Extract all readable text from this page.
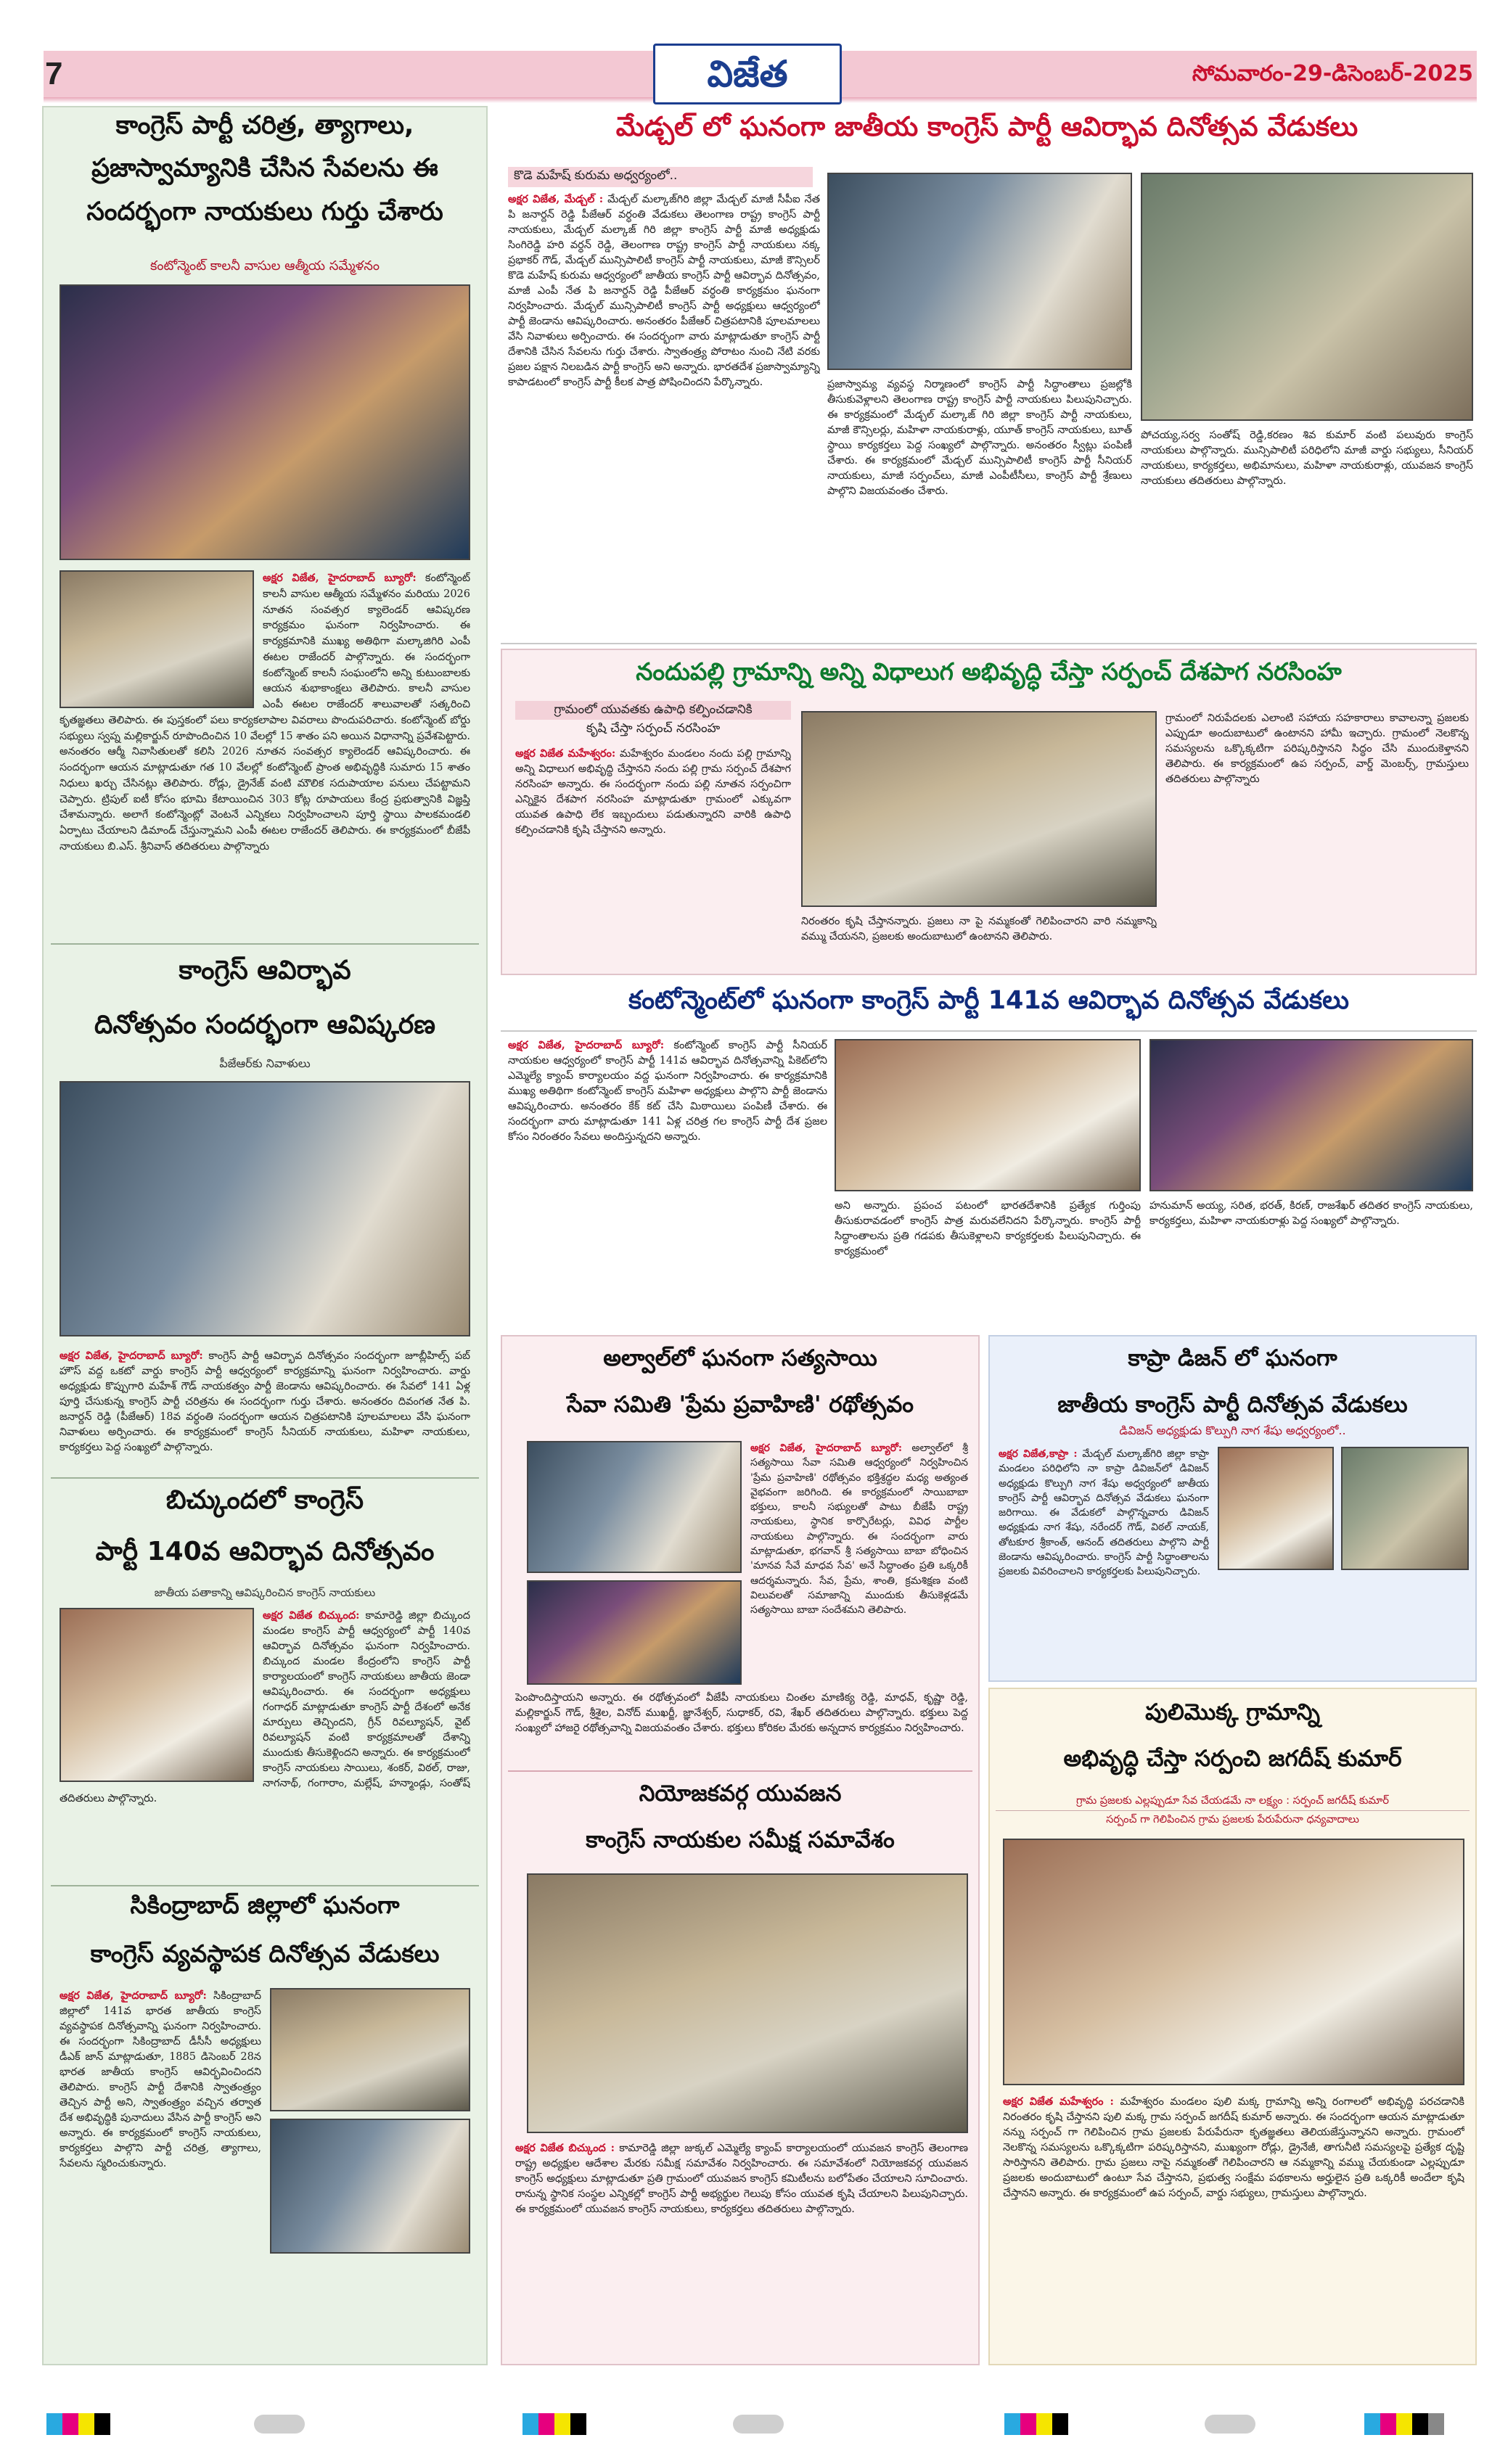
7	విజేత	సోమవారం-29-డిసెంబర్-2025
కాంగ్రెస్ పార్టీ చరిత్ర, త్యాగాలు,
ప్రజాస్వామ్యానికి చేసిన సేవలను ఈ
సందర్భంగా నాయకులు గుర్తు చేశారు
కంటోన్మెంట్ కాలనీ వాసుల ఆత్మీయ సమ్మేళనం
అక్షర విజేత, హైదరాబాద్ బ్యూరో: కంటోన్మెంట్ కాలనీ వాసుల ఆత్మీయ సమ్మేళనం మరియు 2026 నూతన సంవత్సర క్యాలెండర్ ఆవిష్కరణ కార్యక్రమం ఘనంగా నిర్వహించారు. ఈ కార్యక్రమానికి ముఖ్య అతిథిగా మల్కాజిగిరి ఎంపీ ఈటల రాజేందర్ పాల్గొన్నారు. ఈ సందర్భంగా కంటోన్మెంట్ కాలనీ సంఘంలోని అన్ని కుటుంబాలకు ఆయన శుభాకాంక్షలు తెలిపారు. కాలనీ వాసుల ఎంపీ ఈటల రాజేందర్ శాలువాలతో సత్కరించి కృతజ్ఞతలు తెలిపారు. ఈ పుస్తకంలో పలు కార్యకలాపాల వివరాలు పొందుపరిచారు. కంటోన్మెంట్ బోర్డు సభ్యులు స్వప్న మల్లికార్జున్ రూపొందించిన 10 వేలల్లో 15 శాతం పని అయిన విధానాన్ని ప్రవేశపెట్టారు. అనంతరం ఆర్మీ నివాసితులతో కలిసి 2026 నూతన సంవత్సర క్యాలెండర్ ఆవిష్కరించారు. ఈ సందర్భంగా ఆయన మాట్లాడుతూ గత 10 వేలల్లో కంటోన్మెంట్ ప్రాంత అభివృద్ధికి సుమారు 15 శాతం నిధులు ఖర్చు చేసినట్లు తెలిపారు. రోడ్లు, డ్రైనేజ్ వంటి మౌలిక సదుపాయాల పనులు చేపట్టామని చెప్పారు. ట్రిపుల్ ఐటీ కోసం భూమి కేటాయించిన 303 కోట్ల రూపాయలు కేంద్ర ప్రభుత్వానికి విజ్ఞప్తి చేశామన్నారు. అలాగే కంటోన్మెంట్లో వెంటనే ఎన్నికలు నిర్వహించాలని పూర్తి స్థాయి పాలకమండలి ఏర్పాటు చేయాలని డిమాండ్ చేస్తున్నామని ఎంపీ ఈటల రాజేందర్ తెలిపారు. ఈ కార్యక్రమంలో బీజేపీ నాయకులు బి.ఎస్. శ్రీనివాస్ తదితరులు పాల్గొన్నారు
కాంగ్రెస్ ఆవిర్భావ
దినోత్సవం సందర్భంగా ఆవిష్కరణ
పీజేఆర్‌కు నివాళులు
అక్షర విజేత, హైదరాబాద్ బ్యూరో: కాంగ్రెస్ పార్టీ ఆవిర్భావ దినోత్సవం సందర్భంగా జూబ్లీహిల్స్ పబ్ హౌస్ వద్ద ఒకటో వార్డు కాంగ్రెస్ పార్టీ ఆధ్వర్యంలో కార్యక్రమాన్ని ఘనంగా నిర్వహించారు. వార్డు అధ్యక్షుడు కొప్పుగారి మహేశ్ గౌడ్ నాయకత్వం పార్టీ జెండాను ఆవిష్కరించారు. ఈ సేవలో 141 ఏళ్ల పూర్తి చేసుకున్న కాంగ్రెస్ పార్టీ చరిత్రను ఈ సందర్భంగా గుర్తు చేశారు. అనంతరం దివంగత నేత పి. జనార్దన్ రెడ్డి (పీజేఆర్) 18వ వర్ధంతి సందర్భంగా ఆయన చిత్రపటానికి పూలమాలలు వేసి ఘనంగా నివాళులు అర్పించారు. ఈ కార్యక్రమంలో కాంగ్రెస్ సీనియర్ నాయకులు, మహిళా నాయకులు, కార్యకర్తలు పెద్ద సంఖ్యలో పాల్గొన్నారు.
బిచ్కుందలో కాంగ్రెస్
పార్టీ 140వ ఆవిర్భావ దినోత్సవం
జాతీయ పతాకాన్ని ఆవిష్కరించిన కాంగ్రెస్ నాయకులు
అక్షర విజేత బిచ్కుంద: కామారెడ్డి జిల్లా బిచ్కుంద మండల కాంగ్రెస్ పార్టీ ఆధ్వర్యంలో పార్టీ 140వ ఆవిర్భావ దినోత్సవం ఘనంగా నిర్వహించారు. బిచ్కుంద మండల కేంద్రంలోని కాంగ్రెస్ పార్టీ కార్యాలయంలో కాంగ్రెస్ నాయకులు జాతీయ జెండా ఆవిష్కరించారు. ఈ సందర్భంగా అధ్యక్షులు గంగాధర్ మాట్లాడుతూ కాంగ్రెస్ పార్టీ దేశంలో అనేక మార్పులు తెచ్చిందని, గ్రీన్ రివల్యూషన్, వైట్ రివల్యూషన్ వంటి కార్యక్రమాలతో దేశాన్ని ముందుకు తీసుకెళ్లిందని అన్నారు. ఈ కార్యక్రమంలో కాంగ్రెస్ నాయకులు సాయిలు, శంకర్, విఠల్, రాజు, నాగనాథ్, గంగారాం, మల్లేష్, హన్మాండ్లు, సంతోష్ తదితరులు పాల్గొన్నారు.
సికింద్రాబాద్ జిల్లాలో ఘనంగా
కాంగ్రెస్ వ్యవస్థాపక దినోత్సవ వేడుకలు
అక్షర విజేత, హైదరాబాద్ బ్యూరో: సికింద్రాబాద్ జిల్లాలో 141వ భారత జాతీయ కాంగ్రెస్ వ్యవస్థాపక దినోత్సవాన్ని ఘనంగా నిర్వహించారు. ఈ సందర్భంగా సికింద్రాబాద్ డీసీసీ అధ్యక్షులు డీఎక్ జాన్ మాట్లాడుతూ, 1885 డిసెంబర్ 28న భారత జాతీయ కాంగ్రెస్ ఆవిర్భవించిందని తెలిపారు. కాంగ్రెస్ పార్టీ దేశానికి స్వాతంత్ర్యం తెచ్చిన పార్టీ అని, స్వాతంత్ర్యం వచ్చిన తర్వాత దేశ అభివృద్ధికి పునాదులు వేసిన పార్టీ కాంగ్రెస్ అని అన్నారు. ఈ కార్యక్రమంలో కాంగ్రెస్ నాయకులు, కార్యకర్తలు పాల్గొని పార్టీ చరిత్ర, త్యాగాలు, సేవలను స్మరించుకున్నారు.
మేడ్చల్ లో ఘనంగా జాతీయ కాంగ్రెస్ పార్టీ ఆవిర్భావ దినోత్సవ వేడుకలు
కొడె మహేష్ కురుమ అధ్వర్యంలో..
అక్షర విజేత, మేడ్చల్ : మేడ్చల్ మల్కాజ్‌గిరి జిల్లా మేడ్చల్ మాజీ సీపీఐ నేత పి జనార్దన్ రెడ్డి పీజేఆర్ వర్ధంతి వేడుకలు తెలంగాణ రాష్ట్ర కాంగ్రెస్ పార్టీ నాయకులు, మేడ్చల్ మల్కాజ్ గిరి జిల్లా కాంగ్రెస్ పార్టీ మాజీ అధ్యక్షుడు సింగిరెడ్డి హరి వర్ధన్ రెడ్డి, తెలంగాణ రాష్ట్ర కాంగ్రెస్ పార్టీ నాయకులు నక్క ప్రభాకర్ గౌడ్, మేడ్చల్ మున్సిపాలిటీ కాంగ్రెస్ పార్టీ నాయకులు, మాజీ కౌన్సిలర్ కొడె మహేష్ కురుమ ఆధ్వర్యంలో జాతీయ కాంగ్రెస్ పార్టీ ఆవిర్భావ దినోత్సవం, మాజీ ఎంపీ నేత పి జనార్దన్ రెడ్డి పీజేఆర్ వర్ధంతి కార్యక్రమం ఘనంగా నిర్వహించారు. మేడ్చల్ మున్సిపాలిటీ కాంగ్రెస్ పార్టీ అధ్యక్షులు ఆధ్వర్యంలో పార్టీ జెండాను ఆవిష్కరించారు. అనంతరం పీజేఆర్ చిత్రపటానికి పూలమాలలు వేసి నివాళులు అర్పించారు. ఈ సందర్భంగా వారు మాట్లాడుతూ కాంగ్రెస్ పార్టీ దేశానికి చేసిన సేవలను గుర్తు చేశారు. స్వాతంత్ర్య పోరాటం నుంచి నేటి వరకు ప్రజల పక్షాన నిలబడిన పార్టీ కాంగ్రెస్ అని అన్నారు. భారతదేశ ప్రజాస్వామ్యాన్ని కాపాడటంలో కాంగ్రెస్ పార్టీ కీలక పాత్ర పోషించిందని పేర్కొన్నారు.	ప్రజాస్వామ్య వ్యవస్థ నిర్మాణంలో కాంగ్రెస్ పార్టీ సిద్ధాంతాలు ప్రజల్లోకి తీసుకువెళ్లాలని తెలంగాణ రాష్ట్ర కాంగ్రెస్ పార్టీ నాయకులు పిలుపునిచ్చారు. ఈ కార్యక్రమంలో మేడ్చల్ మల్కాజ్ గిరి జిల్లా కాంగ్రెస్ పార్టీ నాయకులు, మాజీ కౌన్సిలర్లు, మహిళా నాయకురాళ్లు, యూత్ కాంగ్రెస్ నాయకులు, బూత్ స్థాయి కార్యకర్తలు పెద్ద సంఖ్యలో పాల్గొన్నారు. అనంతరం స్వీట్లు పంపిణీ చేశారు. ఈ కార్యక్రమంలో మేడ్చల్ మున్సిపాలిటీ కాంగ్రెస్ పార్టీ సీనియర్ నాయకులు, మాజీ సర్పంచ్‌లు, మాజీ ఎంపీటీసీలు, కాంగ్రెస్ పార్టీ శ్రేణులు పాల్గొని విజయవంతం చేశారు.
పోచయ్య,సర్వ సంతోష్ రెడ్డి,కరణం శివ కుమార్ వంటి పలువురు కాంగ్రెస్ నాయకులు పాల్గొన్నారు. మున్సిపాలిటీ పరిధిలోని మాజీ వార్డు సభ్యులు, సీనియర్ నాయకులు, కార్యకర్తలు, అభిమానులు, మహిళా నాయకురాళ్లు, యువజన కాంగ్రెస్ నాయకులు తదితరులు పాల్గొన్నారు.
నందుపల్లి గ్రామాన్ని అన్ని విధాలుగ అభివృద్ధి చేస్తా సర్పంచ్ దేశపాగ నరసింహ
గ్రామంలో యువతకు ఉపాధి కల్పించడానికి
కృషి చేస్తా సర్పంచ్ నరసింహ
అక్షర విజేత మహేశ్వరం: మహేశ్వరం మండలం నందు పల్లి గ్రామాన్ని అన్ని విధాలుగ అభివృద్ధి చేస్తానని నందు పల్లి గ్రామ సర్పంచ్ దేశపాగ నరసింహ అన్నారు. ఈ సందర్భంగా నందు పల్లి నూతన సర్పంచిగా ఎన్నికైన దేశపాగ నరసింహ మాట్లాడుతూ గ్రామంలో ఎక్కువగా యువత ఉపాధి లేక ఇబ్బందులు పడుతున్నారని వారికి ఉపాధి కల్పించడానికి కృషి చేస్తానని అన్నారు.
నిరంతరం కృషి చేస్తానన్నారు. ప్రజలు నా పై నమ్మకంతో గెలిపించారని వారి నమ్మకాన్ని వమ్ము చేయనని, ప్రజలకు అందుబాటులో ఉంటానని తెలిపారు.
గ్రామంలో నిరుపేదలకు ఎలాంటి సహాయ సహకారాలు కావాలన్నా ప్రజలకు ఎప్పుడూ అందుబాటులో ఉంటానని హామీ ఇచ్చారు. గ్రామంలో నెలకొన్న సమస్యలను ఒక్కొక్కటిగా పరిష్కరిస్తానని సిద్ధం చేసి ముందుకెళ్తానని తెలిపారు. ఈ కార్యక్రమంలో ఉప సర్పంచ్, వార్డ్ మెంబర్స్, గ్రామస్తులు తదితరులు పాల్గొన్నారు
కంటోన్మెంట్‌లో ఘనంగా కాంగ్రెస్ పార్టీ 141వ ఆవిర్భావ దినోత్సవ వేడుకలు
అక్షర విజేత, హైదరాబాద్ బ్యూరో: కంటోన్మెంట్ కాంగ్రెస్ పార్టీ సీనియర్ నాయకుల ఆధ్వర్యంలో కాంగ్రెస్ పార్టీ 141వ ఆవిర్భావ దినోత్సవాన్ని పికెట్‌లోని ఎమ్మెల్యే క్యాంప్ కార్యాలయం వద్ద ఘనంగా నిర్వహించారు. ఈ కార్యక్రమానికి ముఖ్య అతిథిగా కంటోన్మెంట్ కాంగ్రెస్ మహిళా అధ్యక్షులు పాల్గొని పార్టీ జెండాను ఆవిష్కరించారు. అనంతరం కేక్ కట్ చేసి మిఠాయిలు పంపిణీ చేశారు. ఈ సందర్భంగా వారు మాట్లాడుతూ 141 ఏళ్ల చరిత్ర గల కాంగ్రెస్ పార్టీ దేశ ప్రజల కోసం నిరంతరం సేవలు అందిస్తున్నదని అన్నారు.
అని అన్నారు. ప్రపంచ పటంలో భారతదేశానికి ప్రత్యేక గుర్తింపు తీసుకురావడంలో కాంగ్రెస్ పాత్ర మరువలేనిదని పేర్కొన్నారు. కాంగ్రెస్ పార్టీ సిద్ధాంతాలను ప్రతి గడపకు తీసుకెళ్లాలని కార్యకర్తలకు పిలుపునిచ్చారు. ఈ కార్యక్రమంలో
హనుమాన్ అయ్య, సరిత, భరత్, కిరణ్, రాజశేఖర్ తదితర కాంగ్రెస్ నాయకులు, కార్యకర్తలు, మహిళా నాయకురాళ్లు పెద్ద సంఖ్యలో పాల్గొన్నారు.
అల్వాల్‌లో ఘనంగా సత్యసాయి
సేవా సమితి 'ప్రేమ ప్రవాహిణి' రథోత్సవం
అక్షర విజేత, హైదరాబాద్ బ్యూరో: అల్వాల్‌లో శ్రీ సత్యసాయి సేవా సమితి ఆధ్వర్యంలో నిర్వహించిన 'ప్రేమ ప్రవాహిణి' రథోత్సవం భక్తిశ్రద్ధల మధ్య అత్యంత వైభవంగా జరిగింది. ఈ కార్యక్రమంలో సాయిబాబా భక్తులు, కాలనీ సభ్యులతో పాటు బీజేపీ రాష్ట్ర నాయకులు, స్థానిక కార్పొరేటర్లు, వివిధ పార్టీల నాయకులు పాల్గొన్నారు. ఈ సందర్భంగా వారు మాట్లాడుతూ, భగవాన్ శ్రీ సత్యసాయి బాబా బోధించిన 'మానవ సేవే మాధవ సేవ' అనే సిద్ధాంతం ప్రతి ఒక్కరికీ ఆదర్శమన్నారు. సేవ, ప్రేమ, శాంతి, క్రమశిక్షణ వంటి విలువలతో సమాజాన్ని ముందుకు తీసుకెళ్లడమే సత్యసాయి బాబా సందేశమని తెలిపారు.
పెంపొందిస్తాయని అన్నారు. ఈ రథోత్సవంలో వీజేపీ నాయకులు చింతల మాణిక్య రెడ్డి, మాధవ్, కృష్ణా రెడ్డి, మల్లికార్జున్ గౌడ్, శ్రీశైల, వినోద్ ముఖర్జీ, జ్ఞానేశ్వర్, సుధాకర్, రవి, శేఖర్ తదితరులు పాల్గొన్నారు. భక్తులు పెద్ద సంఖ్యలో హాజరై రథోత్సవాన్ని విజయవంతం చేశారు. భక్తులు కోరికల మేరకు అన్నదాన కార్యక్రమం నిర్వహించారు.
నియోజకవర్గ యువజన
కాంగ్రెస్ నాయకుల సమీక్ష సమావేశం
అక్షర విజేత బిచ్కుంద : కామారెడ్డి జిల్లా జుక్కల్ ఎమ్మెల్యే క్యాంప్ కార్యాలయంలో యువజన కాంగ్రెస్ తెలంగాణ రాష్ట్ర అధ్యక్షుల ఆదేశాల మేరకు సమీక్ష సమావేశం నిర్వహించారు. ఈ సమావేశంలో నియోజకవర్గ యువజన కాంగ్రెస్ అధ్యక్షులు మాట్లాడుతూ ప్రతి గ్రామంలో యువజన కాంగ్రెస్ కమిటీలను బలోపేతం చేయాలని సూచించారు. రానున్న స్థానిక సంస్థల ఎన్నికల్లో కాంగ్రెస్ పార్టీ అభ్యర్థుల గెలుపు కోసం యువత కృషి చేయాలని పిలుపునిచ్చారు. ఈ కార్యక్రమంలో యువజన కాంగ్రెస్ నాయకులు, కార్యకర్తలు తదితరులు పాల్గొన్నారు.
కాప్రా డిజన్ లో ఘనంగా
జాతీయ కాంగ్రెస్ పార్టీ దినోత్సవ వేడుకలు
డివిజన్ అధ్యక్షుడు కొల్పుగి నాగ శేషు అధ్వర్యంలో..
అక్షర విజేత,కాప్రా : మేడ్చల్ మల్కాజ్‌గిరి జిల్లా కాప్రా మండలం పరిధిలోని నా కాప్రా డివిజన్‌లో డివిజన్ అధ్యక్షుడు కొల్పుగి నాగ శేషు అధ్వర్యంలో జాతీయ కాంగ్రెస్ పార్టీ ఆవిర్భావ దినోత్సవ వేడుకలు ఘనంగా జరిగాయి. ఈ వేడుకలో పాల్గొన్నవారు డివిజన్ అధ్యక్షుడు నాగ శేషు, నరేందర్ గౌడ్, విఠల్ నాయక్, తోటకూర శ్రీకాంత్, ఆనంద్ తదితరులు పాల్గొని పార్టీ జెండాను ఆవిష్కరించారు. కాంగ్రెస్ పార్టీ సిద్ధాంతాలను ప్రజలకు వివరించాలని కార్యకర్తలకు పిలుపునిచ్చారు.
పులిమొక్క గ్రామాన్ని
అభివృద్ధి చేస్తా సర్పంచి జగదీష్ కుమార్
గ్రామ ప్రజలకు ఎల్లప్పుడూ సేవ చేయడమే నా లక్ష్యం : సర్పంచ్ జగదీష్ కుమార్
సర్పంచ్ గా గెలిపించిన గ్రామ ప్రజలకు పేరుపేరునా ధన్యవాదాలు
అక్షర విజేత మహేశ్వరం : మహేశ్వరం మండలం పులి మక్క గ్రామాన్ని అన్ని రంగాలలో అభివృద్ధి పరచడానికి నిరంతరం కృషి చేస్తానని పులి మక్క గ్రామ సర్పంచ్ జగదీష్ కుమార్ అన్నారు. ఈ సందర్భంగా ఆయన మాట్లాడుతూ నన్ను సర్పంచ్ గా గెలిపించిన గ్రామ ప్రజలకు పేరుపేరునా కృతజ్ఞతలు తెలియజేస్తున్నానని అన్నారు. గ్రామంలో నెలకొన్న సమస్యలను ఒక్కొక్కటిగా పరిష్కరిస్తానని, ముఖ్యంగా రోడ్లు, డ్రైనేజీ, తాగునీటి సమస్యలపై ప్రత్యేక దృష్టి సారిస్తానని తెలిపారు. గ్రామ ప్రజలు నాపై నమ్మకంతో గెలిపించారని ఆ నమ్మకాన్ని వమ్ము చేయకుండా ఎల్లప్పుడూ ప్రజలకు అందుబాటులో ఉంటూ సేవ చేస్తానని, ప్రభుత్వ సంక్షేమ పథకాలను అర్హులైన ప్రతి ఒక్కరికీ అందేలా కృషి చేస్తానని అన్నారు. ఈ కార్యక్రమంలో ఉప సర్పంచ్, వార్డు సభ్యులు, గ్రామస్తులు పాల్గొన్నారు.
